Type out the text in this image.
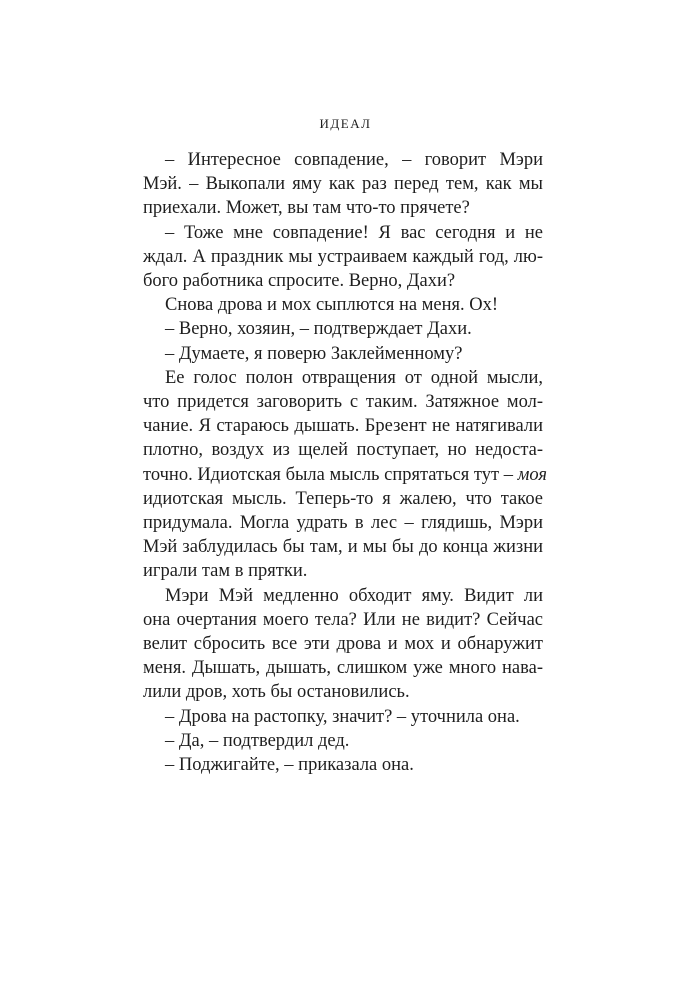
ИДЕАЛ
– Интересное совпадение, – говорит Мэри
Мэй. – Выкопали яму как раз перед тем, как мы
приехали. Может, вы там что-то прячете?
– Тоже мне совпадение! Я вас сегодня и не
ждал. А праздник мы устраиваем каждый год, лю-
бого работника спросите. Верно, Дахи?
Снова дрова и мох сыплются на меня. Ох!
– Верно, хозяин, – подтверждает Дахи.
– Думаете, я поверю Заклейменному?
Ее голос полон отвращения от одной мысли,
что придется заговорить с таким. Затяжное мол-
чание. Я стараюсь дышать. Брезент не натягивали
плотно, воздух из щелей поступает, но недоста-
точно. Идиотская была мысль спрятаться тут – моя
идиотская мысль. Теперь-то я жалею, что такое
придумала. Могла удрать в лес – глядишь, Мэри
Мэй заблудилась бы там, и мы бы до конца жизни
играли там в прятки.
Мэри Мэй медленно обходит яму. Видит ли
она очертания моего тела? Или не видит? Сейчас
велит сбросить все эти дрова и мох и обнаружит
меня. Дышать, дышать, слишком уже много нава-
лили дров, хоть бы остановились.
– Дрова на растопку, значит? – уточнила она.
– Да, – подтвердил дед.
– Поджигайте, – приказала она.
